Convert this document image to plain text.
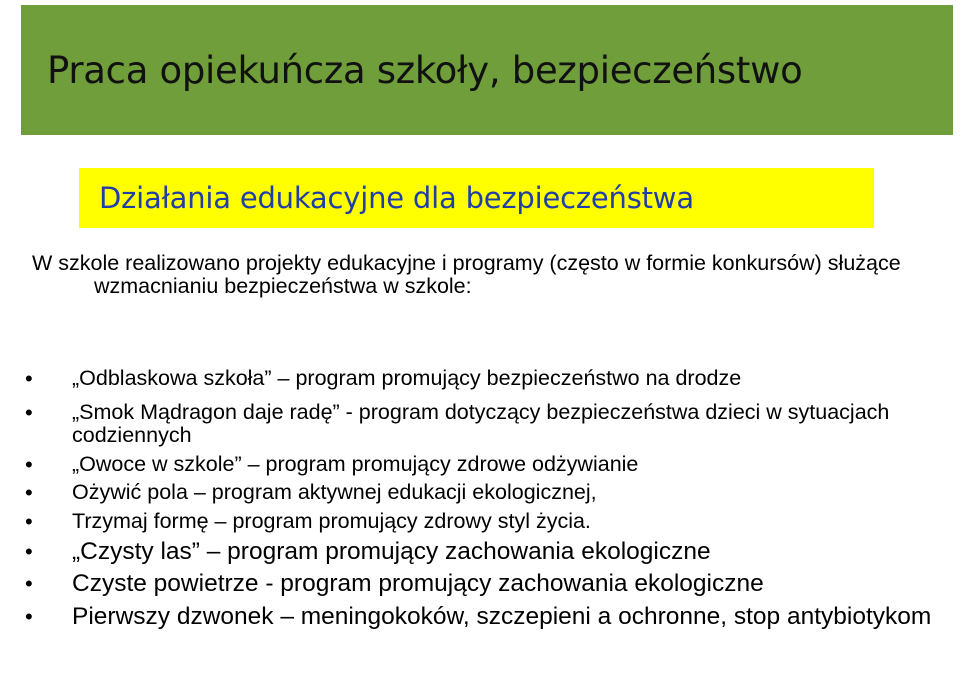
Praca opiekuńcza szkoły, bezpieczeństwo
Działania edukacyjne dla bezpieczeństwa
W szkole realizowano projekty edukacyjne i programy (często w formie konkursów) służące wzmacnianiu bezpieczeństwa w szkole:
• „Odblaskowa szkoła” – program promujący bezpieczeństwo na drodze
• „Smok Mądragon daje radę” - program dotyczący bezpieczeństwa dzieci w sytuacjach codziennych
• „Owoce w szkole” – program promujący zdrowe odżywianie
• Ożywić pola – program aktywnej edukacji ekologicznej,
• Trzymaj formę – program promujący zdrowy styl życia.
• „Czysty las” – program promujący zachowania ekologiczne
• Czyste powietrze - program promujący zachowania ekologiczne
• Pierwszy dzwonek – meningokoków, szczepieni a ochronne, stop antybiotykom
